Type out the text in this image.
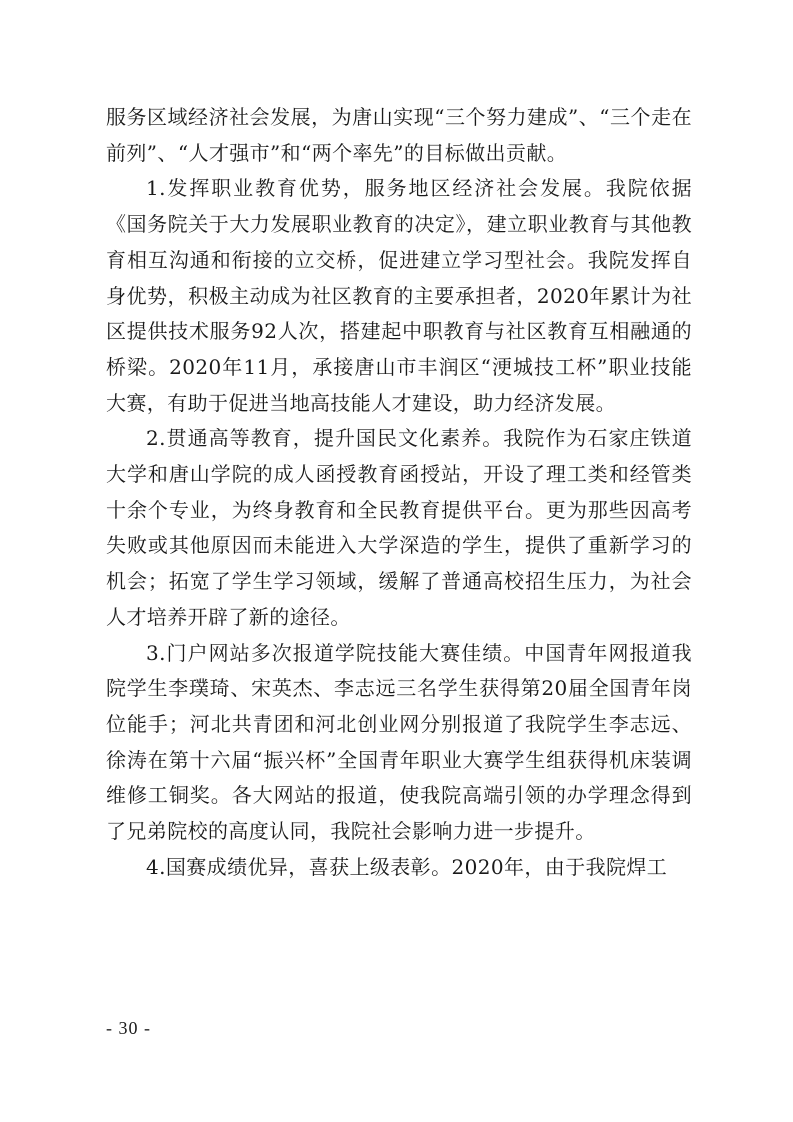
服务区域经济社会发展，为唐山实现“三个努力建成”、“三个走在前列”、“人才强市”和“两个率先”的目标做出贡献。

1.发挥职业教育优势，服务地区经济社会发展。我院依据《国务院关于大力发展职业教育的决定》，建立职业教育与其他教育相互沟通和衔接的立交桥，促进建立学习型社会。我院发挥自身优势，积极主动成为社区教育的主要承担者，2020年累计为社区提供技术服务92人次，搭建起中职教育与社区教育互相融通的桥梁。2020年11月，承接唐山市丰润区“浭城技工杯”职业技能大赛，有助于促进当地高技能人才建设，助力经济发展。

2.贯通高等教育，提升国民文化素养。我院作为石家庄铁道大学和唐山学院的成人函授教育函授站，开设了理工类和经管类十余个专业，为终身教育和全民教育提供平台。更为那些因高考失败或其他原因而未能进入大学深造的学生，提供了重新学习的机会；拓宽了学生学习领域，缓解了普通高校招生压力，为社会人才培养开辟了新的途径。

3.门户网站多次报道学院技能大赛佳绩。中国青年网报道我院学生李璞琦、宋英杰、李志远三名学生获得第20届全国青年岗位能手；河北共青团和河北创业网分别报道了我院学生李志远、徐涛在第十六届“振兴杯”全国青年职业大赛学生组获得机床装调维修工铜奖。各大网站的报道，使我院高端引领的办学理念得到了兄弟院校的高度认同，我院社会影响力进一步提升。

4.国赛成绩优异，喜获上级表彰。2020年，由于我院焊工

- 30 -
